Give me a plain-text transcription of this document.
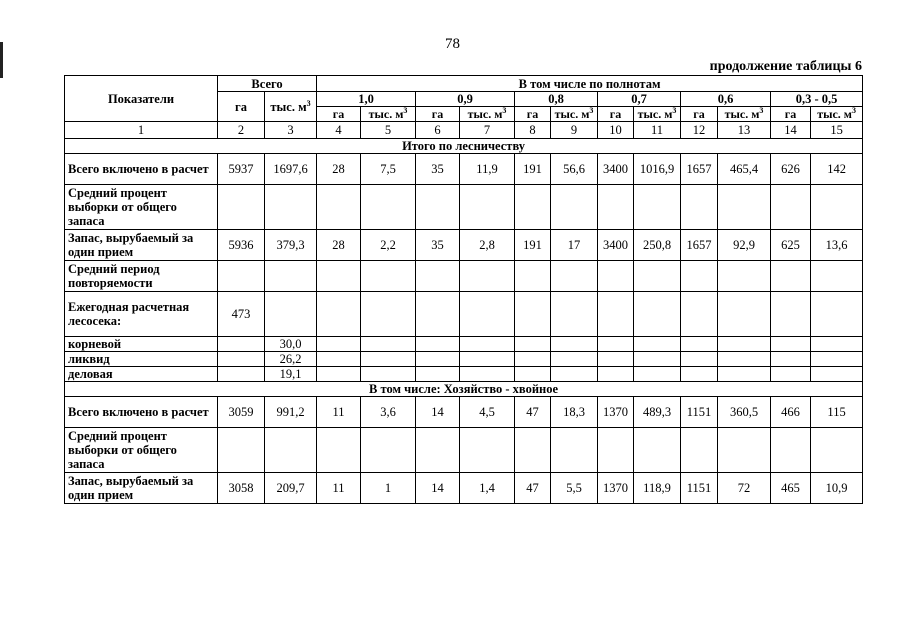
78
продолжение таблицы 6
Показатели	Всего		В том числе по полнотам											
	га	тыс. $м^3$	1,0		0,9		0,8		0,7		0,6		0,3 - 0,5	
			га	тыс. $м^3$	га	тыс. $м^3$	га	тыс. $м^3$	га	тыс. $м^3$	га	тыс. $м^3$	га	тыс. $м^3$
1	2	3	4	5	6	7	8	9	10	11	12	13	14	15
Итого по лесничеству														
Всего включено в расчет	5937	1697,6	28	7,5	35	11,9	191	56,6	3400	1016,9	1657	465,4	626	142
Средний процент выборки от общего запаса														
Запас, вырубаемый за один прием	5936	379,3	28	2,2	35	2,8	191	17	3400	250,8	1657	92,9	625	13,6
Средний период повторяемости														
Ежегодная расчетная лесосека:	473													
корневой		30,0												
ликвид		26,2												
деловая		19,1												
В том числе: Хозяйство - хвойное														
Всего включено в расчет	3059	991,2	11	3,6	14	4,5	47	18,3	1370	489,3	1151	360,5	466	115
Средний процент выборки от общего запаса														
Запас, вырубаемый за один прием	3058	209,7	11	1	14	1,4	47	5,5	1370	118,9	1151	72	465	10,9
